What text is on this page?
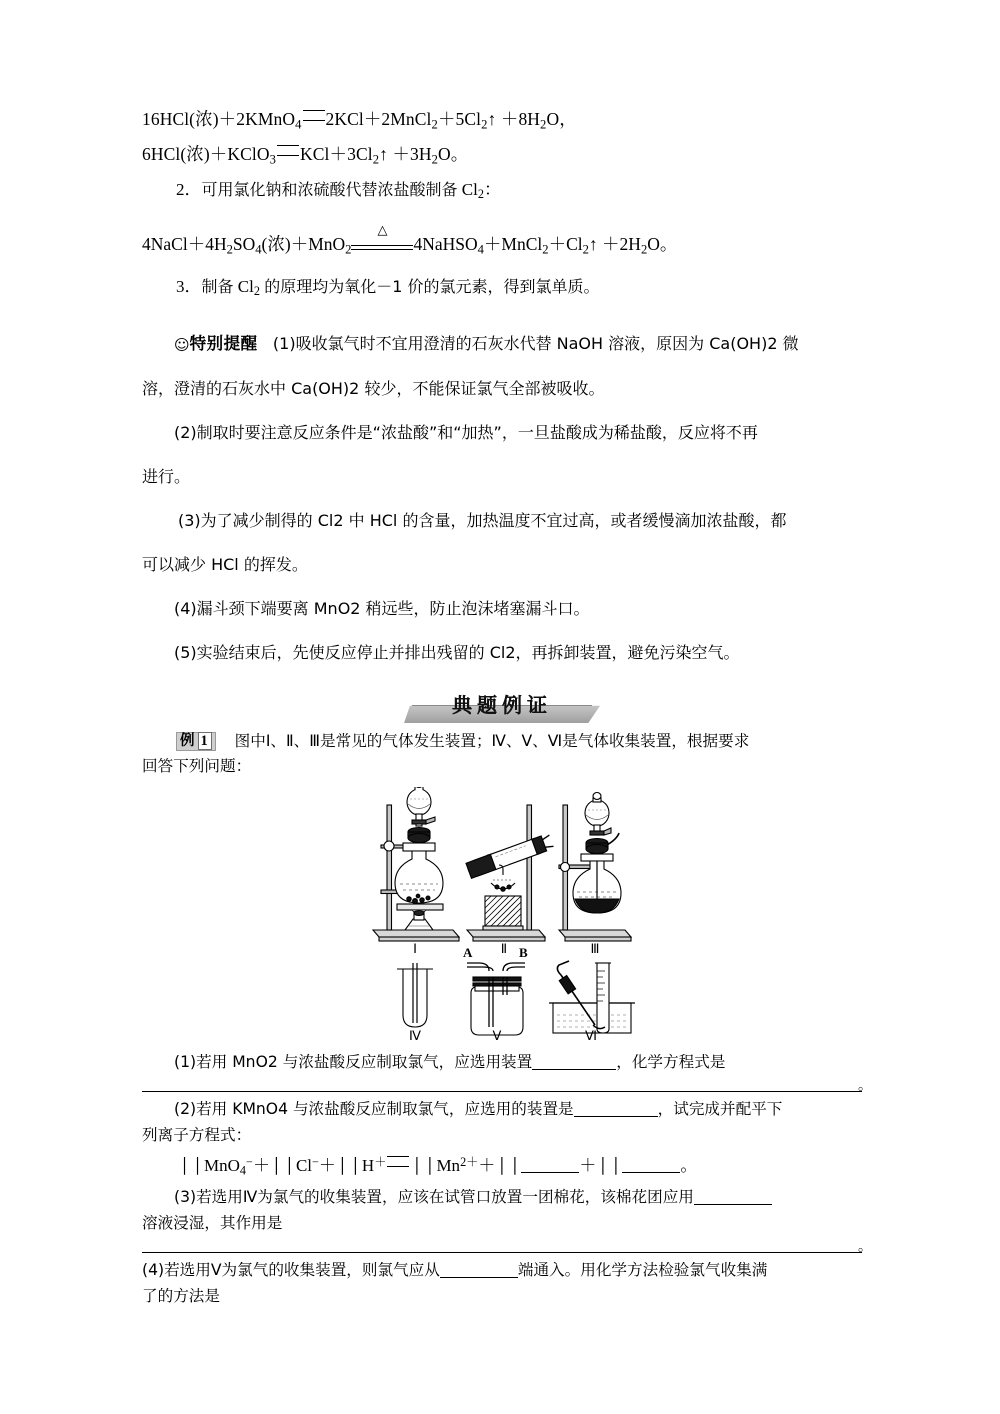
16HCl(浓)＋2KMnO$_4$ $2KCl+2MnCl_2+5Cl_2↑ +8H_2O$，
6HCl(浓)＋KClO$_3$ $KCl+3Cl_2↑ +3H_2O$。
2．可用氯化钠和浓硫酸代替浓盐酸制备 $Cl_2$：
$4NaCl+4H_2SO_4$(浓)＋MnO$_2$
△
$4NaHSO_4+MnCl_2+Cl_2↑ +2H_2O$。
3．制备 $Cl_2$ 的原理均为氧化－1 价的氯元素，得到氯单质。
☺特别提醒 (1)吸收氯气时不宜用澄清的石灰水代替 NaOH 溶液，原因为 Ca(OH)2 微
溶，澄清的石灰水中 Ca(OH)2 较少，不能保证氯气全部被吸收。
(2)制取时要注意反应条件是“浓盐酸”和“加热”，一旦盐酸成为稀盐酸，反应将不再
进行。
(3)为了减少制得的 Cl2 中 HCl 的含量，加热温度不宜过高，或者缓慢滴加浓盐酸，都
可以减少 HCl 的挥发。
(4)漏斗颈下端要离 MnO2 稍远些，防止泡沫堵塞漏斗口。
(5)实验结束后，先使反应停止并排出残留的 Cl2，再拆卸装置，避免污染空气。
典题例证
例 1 图中Ⅰ、Ⅱ、Ⅲ是常见的气体发生装置；Ⅳ、Ⅴ、Ⅵ是气体收集装置，根据要求
回答下列问题：
A	B
Ⅰ	Ⅱ	Ⅲ
Ⅳ	Ⅴ	Ⅵ
(1)若用 MnO2 与浓盐酸反应制取氯气，应选用装置	，化学方程式是
。
(2)若用 KMnO4 与浓盐酸反应制取氯气，应选用的装置是	，试完成并配平下
列离子方程式：
│ │ MnO$_4$−＋ │ │ Cl−＋ │ │ H＋ │ │ $Mn^{2+}+$ │ │	＋ │ │	。
(3)若选用Ⅳ为氯气的收集装置，应该在试管口放置一团棉花，该棉花团应用
溶液浸湿，其作用是
。
(4)若选用Ⅴ为氯气的收集装置，则氯气应从	端通入。用化学方法检验氯气收集满
了的方法是
